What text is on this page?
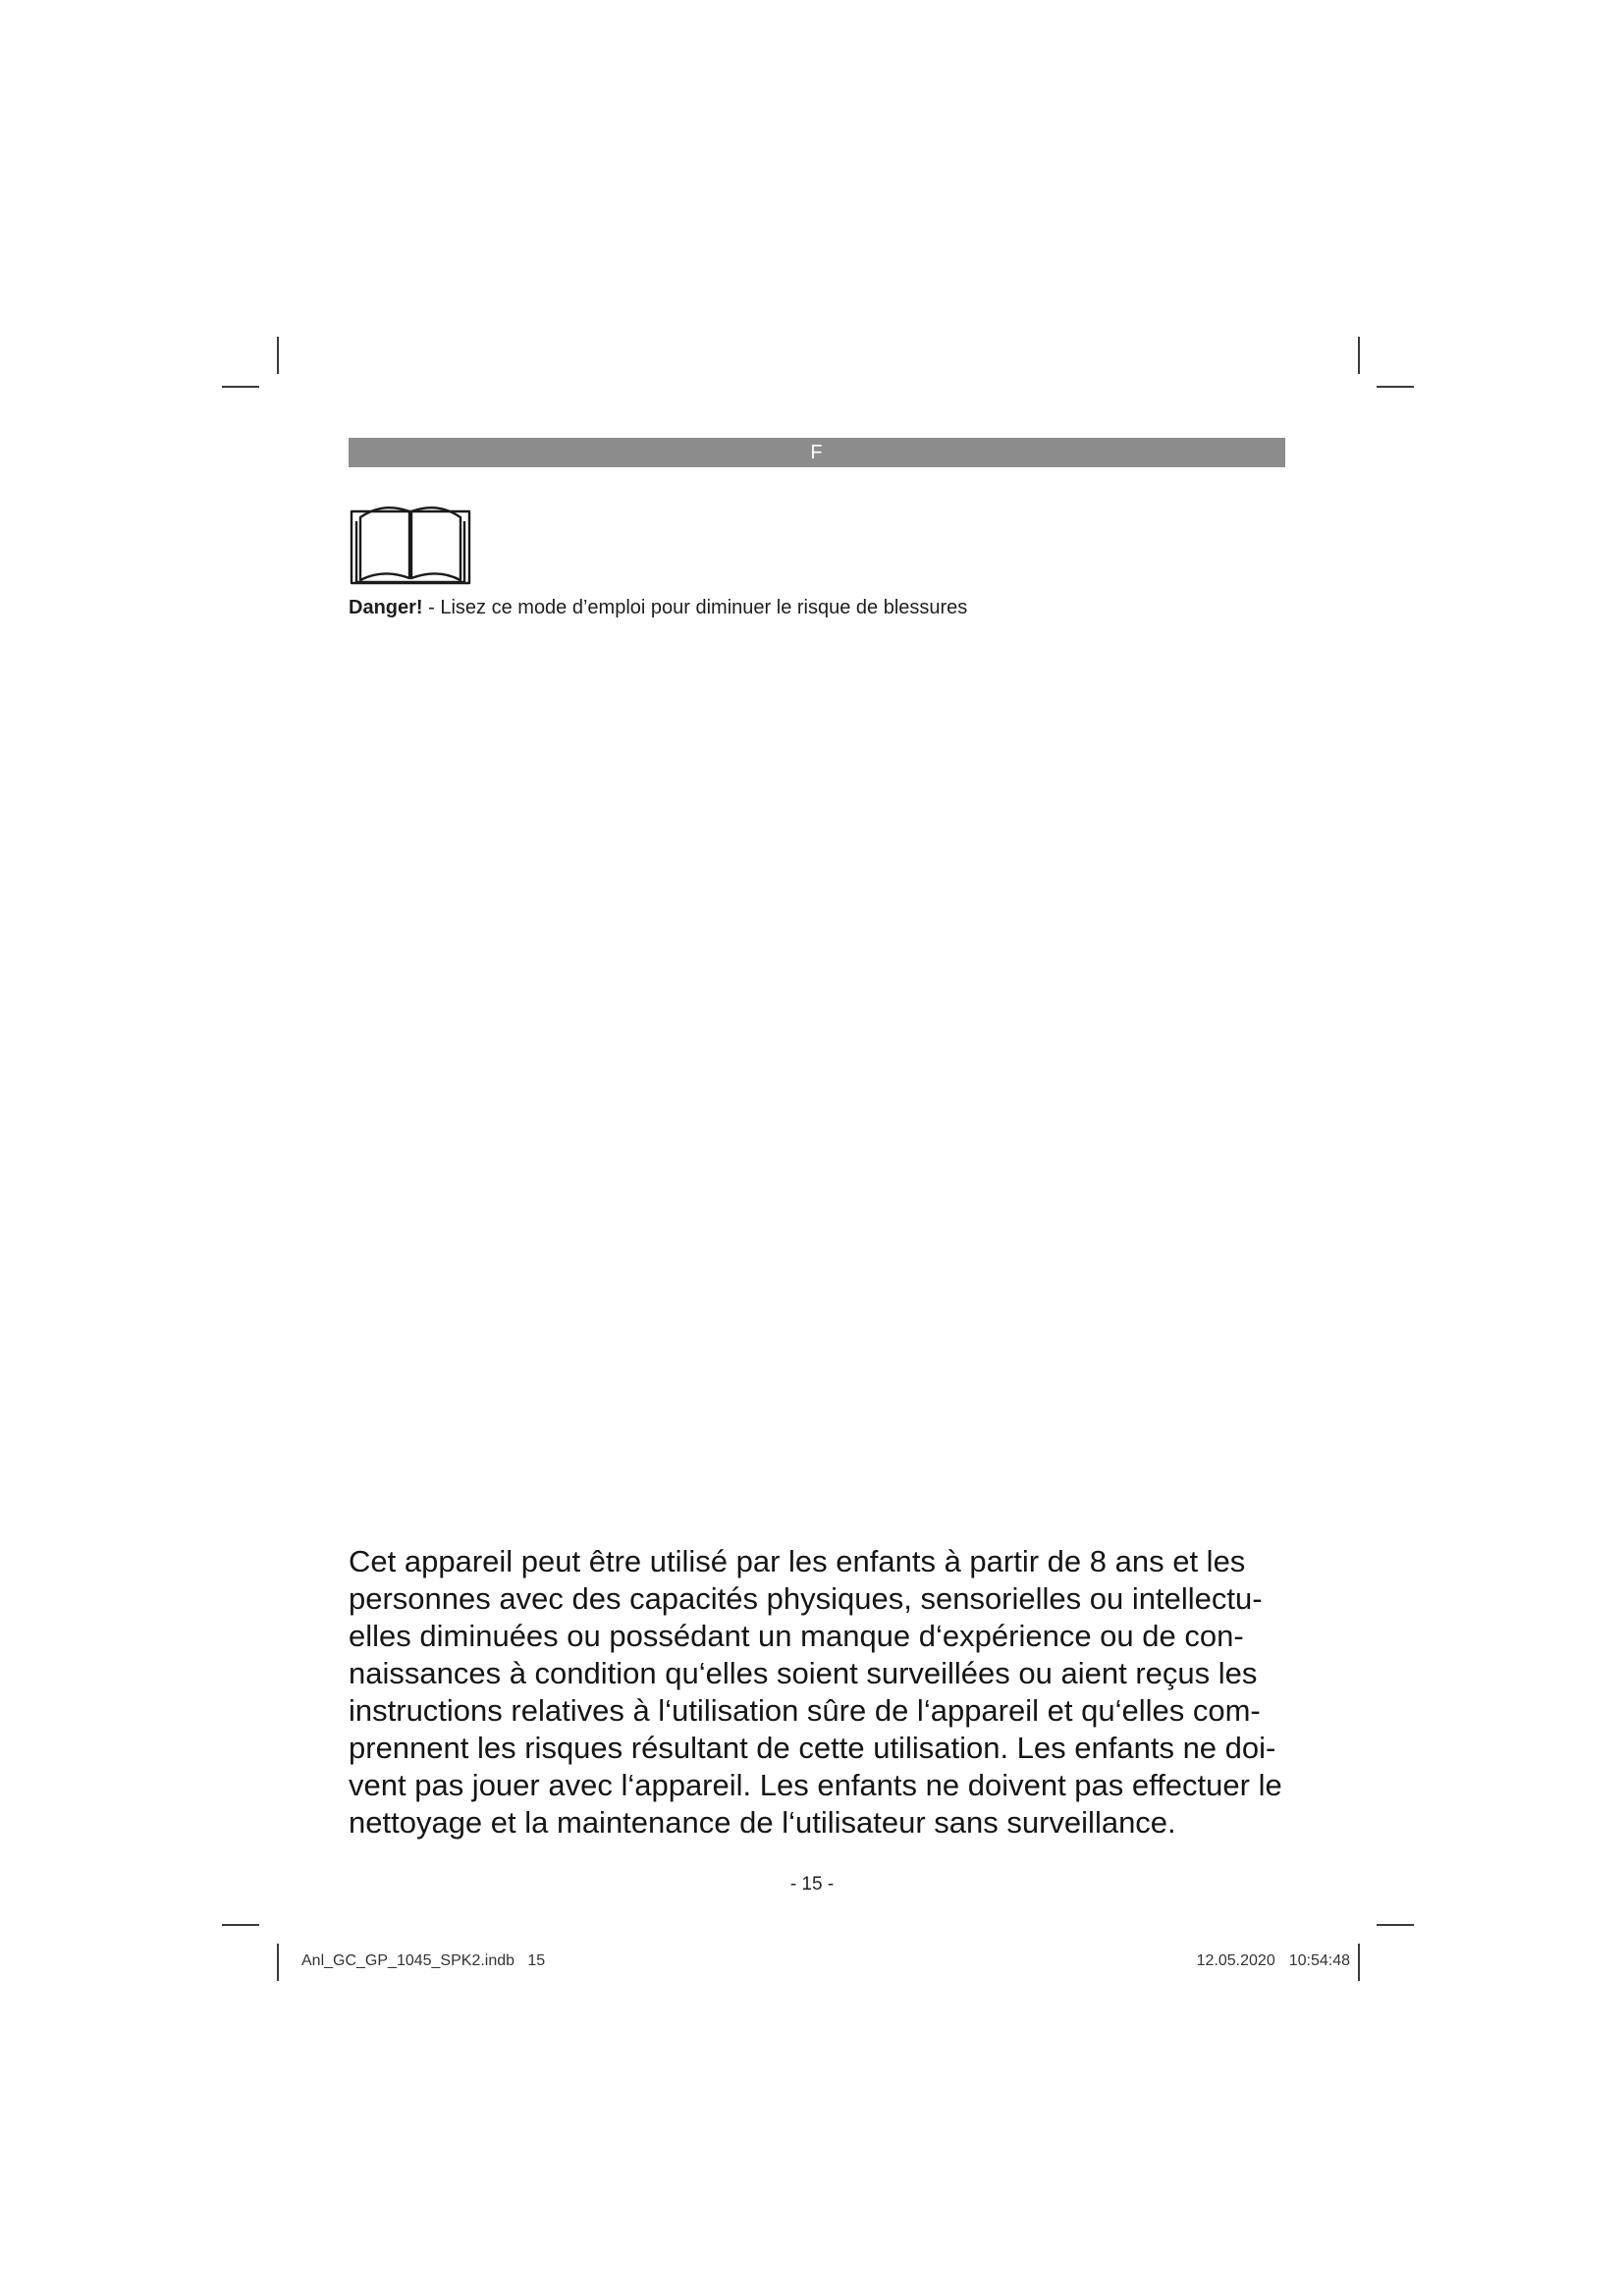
F
Danger! - Lisez ce mode d’emploi pour diminuer le risque de blessures
Cet appareil peut être utilisé par les enfants à partir de 8 ans et les
personnes avec des capacités physiques, sensorielles ou intellectu-
elles diminuées ou possédant un manque d‘expérience ou de con-
naissances à condition qu‘elles soient surveillées ou aient reçus les
instructions relatives à l‘utilisation sûre de l‘appareil et qu‘elles com-
prennent les risques résultant de cette utilisation. Les enfants ne doi-
vent pas jouer avec l‘appareil. Les enfants ne doivent pas effectuer le
nettoyage et la maintenance de l‘utilisateur sans surveillance.
- 15 -
Anl_GC_GP_1045_SPK2.indb   15	12.05.2020 10:54:48
